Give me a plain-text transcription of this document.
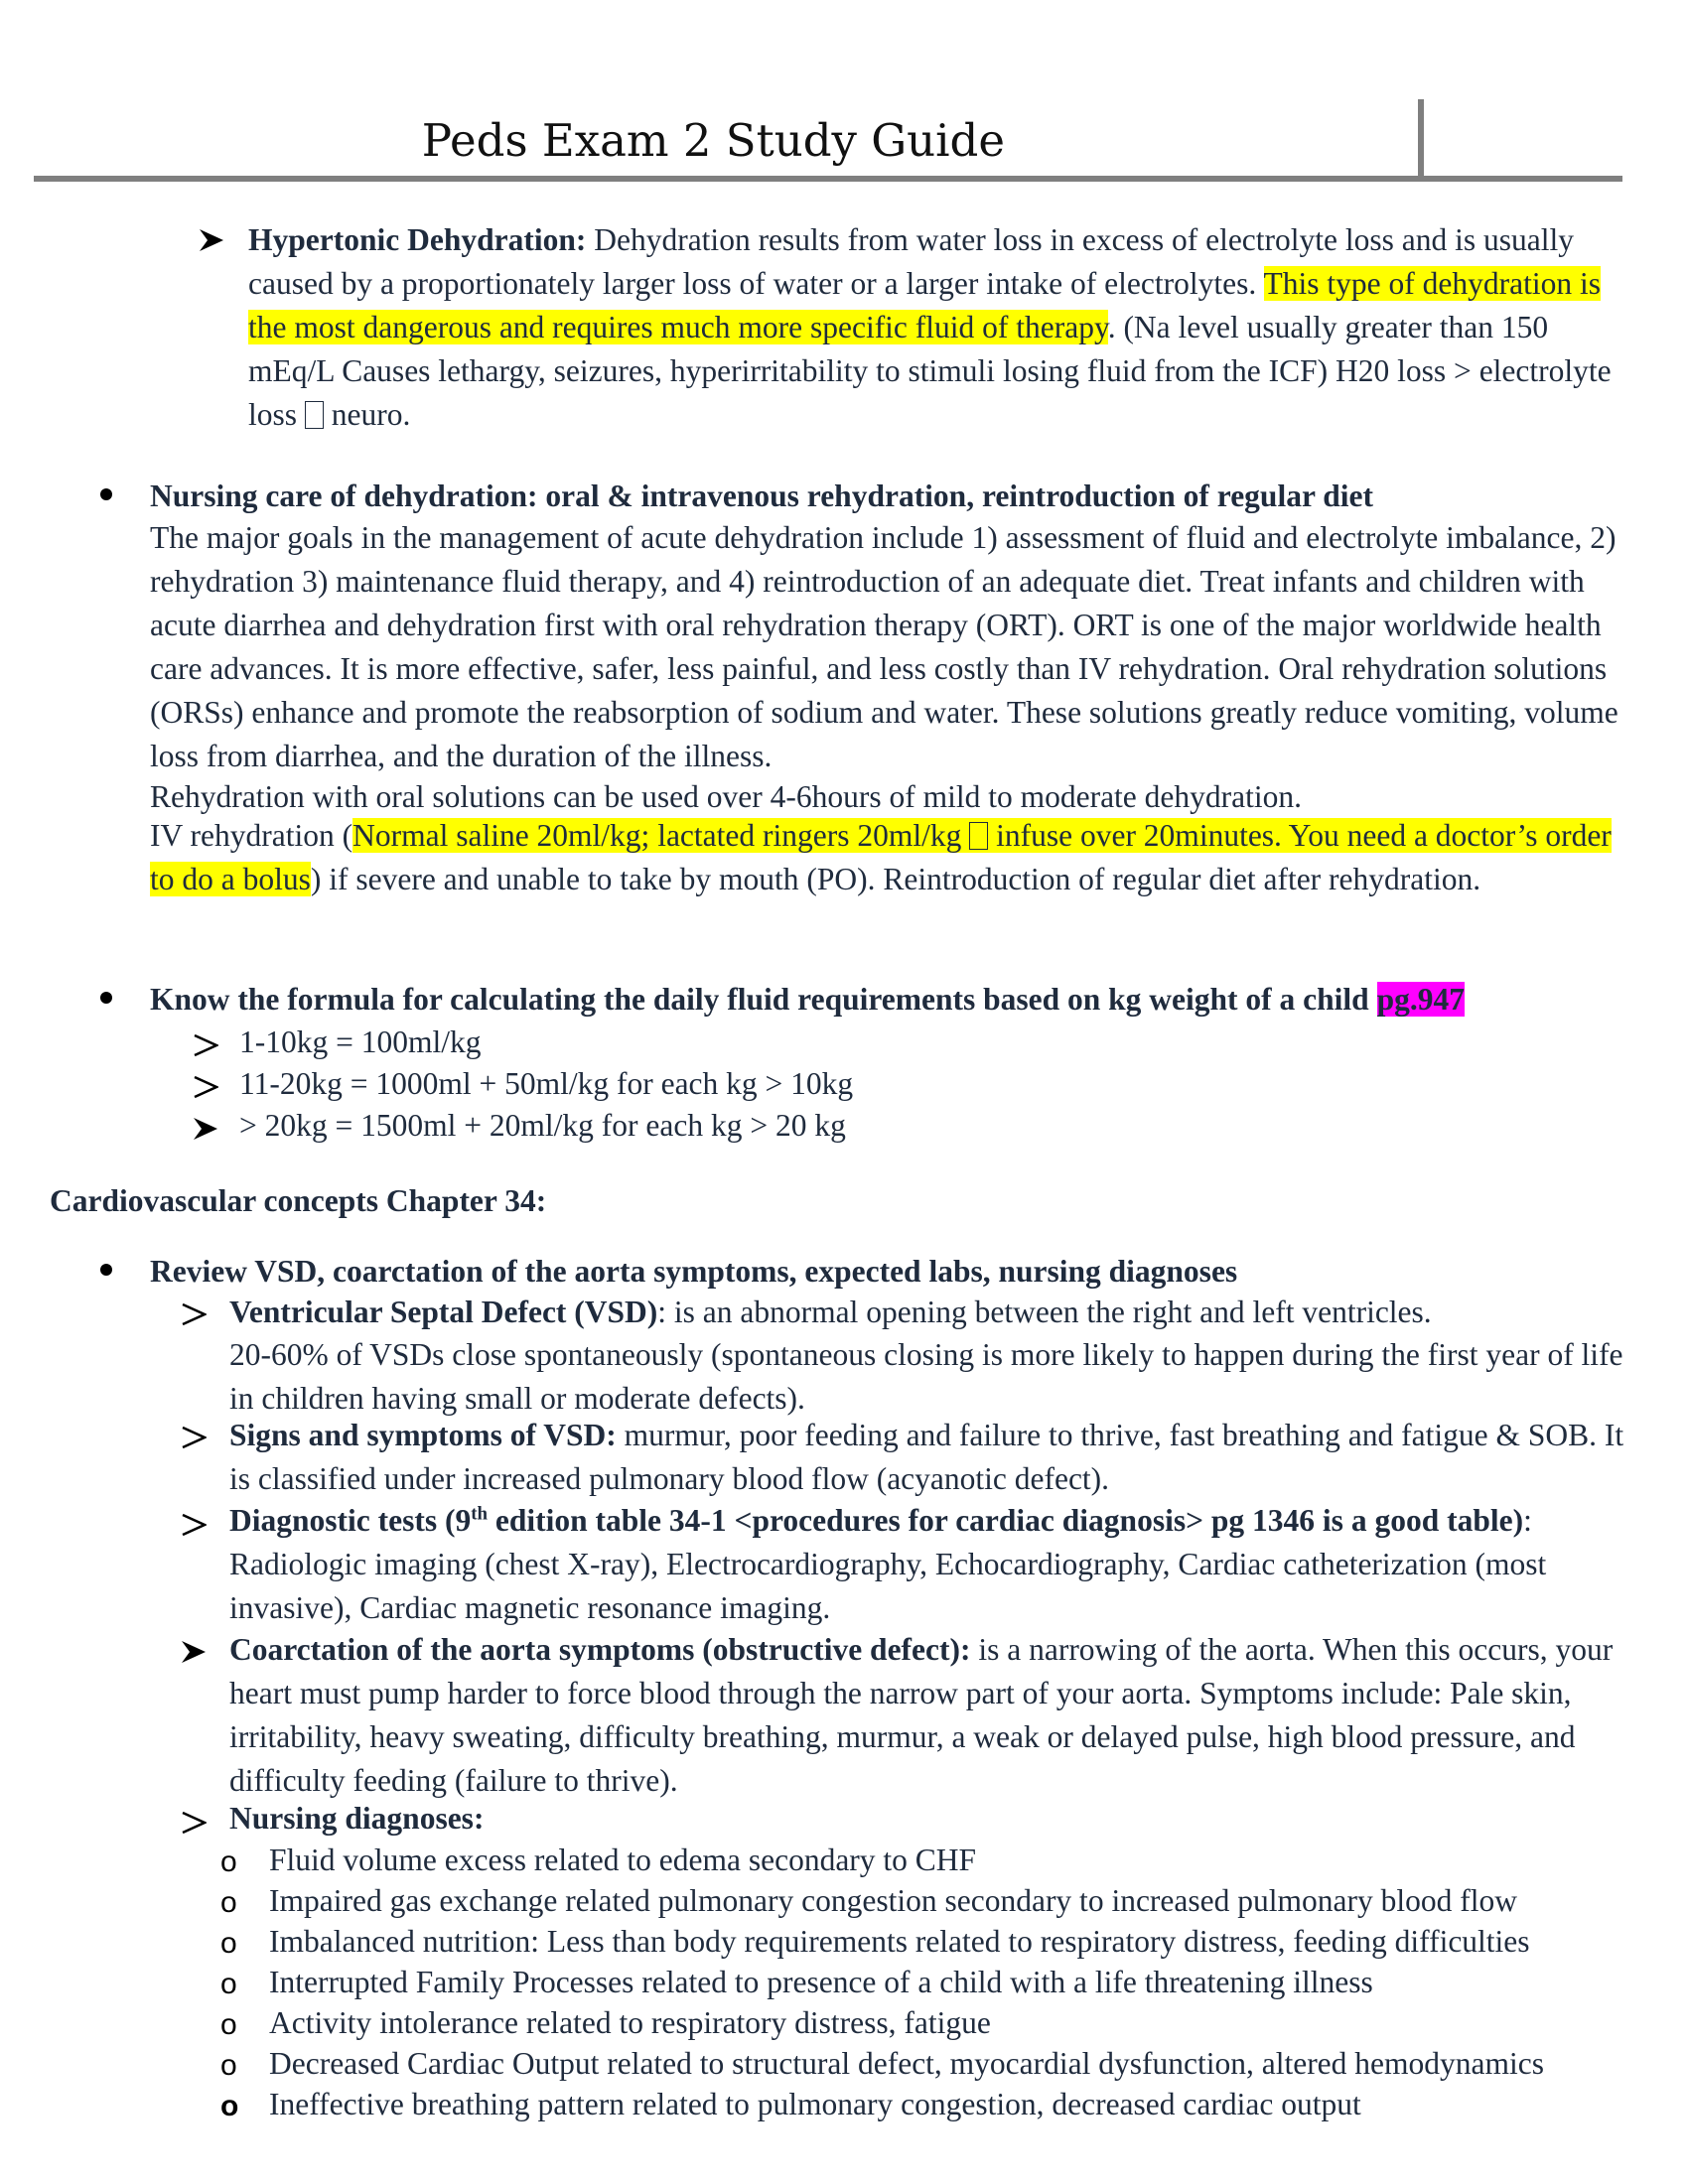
Peds Exam 2 Study Guide
Hypertonic Dehydration: Dehydration results from water loss in excess of electrolyte loss and is usually caused by a proportionately larger loss of water or a larger intake of electrolytes. This type of dehydration is the most dangerous and requires much more specific fluid of therapy. (Na level usually greater than 150 mEq/L Causes lethargy, seizures, hyperirritability to stimuli losing fluid from the ICF) H20 loss > electrolyte loss  neuro.
Nursing care of dehydration: oral & intravenous rehydration, reintroduction of regular diet
The major goals in the management of acute dehydration include 1) assessment of fluid and electrolyte imbalance, 2) rehydration 3) maintenance fluid therapy, and 4) reintroduction of an adequate diet. Treat infants and children with acute diarrhea and dehydration first with oral rehydration therapy (ORT). ORT is one of the major worldwide health care advances. It is more effective, safer, less painful, and less costly than IV rehydration. Oral rehydration solutions (ORSs) enhance and promote the reabsorption of sodium and water. These solutions greatly reduce vomiting, volume loss from diarrhea, and the duration of the illness.
Rehydration with oral solutions can be used over 4-6hours of mild to moderate dehydration.
IV rehydration (Normal saline 20ml/kg; lactated ringers 20ml/kg  infuse over 20minutes. You need a doctor’s order to do a bolus) if severe and unable to take by mouth (PO). Reintroduction of regular diet after rehydration.
Know the formula for calculating the daily fluid requirements based on kg weight of a child pg.947
1-10kg = 100ml/kg
11-20kg = 1000ml + 50ml/kg for each kg > 10kg
> 20kg = 1500ml + 20ml/kg for each kg > 20 kg
Cardiovascular concepts Chapter 34:
Review VSD, coarctation of the aorta symptoms, expected labs, nursing diagnoses
Ventricular Septal Defect (VSD): is an abnormal opening between the right and left ventricles.
20-60% of VSDs close spontaneously (spontaneous closing is more likely to happen during the first year of life in children having small or moderate defects).
Signs and symptoms of VSD: murmur, poor feeding and failure to thrive, fast breathing and fatigue & SOB. It is classified under increased pulmonary blood flow (acyanotic defect).
Diagnostic tests (9th edition table 34-1 <procedures for cardiac diagnosis> pg 1346 is a good table): Radiologic imaging (chest X-ray), Electrocardiography, Echocardiography, Cardiac catheterization (most invasive), Cardiac magnetic resonance imaging.
Coarctation of the aorta symptoms (obstructive defect): is a narrowing of the aorta. When this occurs, your heart must pump harder to force blood through the narrow part of your aorta. Symptoms include: Pale skin, irritability, heavy sweating, difficulty breathing, murmur, a weak or delayed pulse, high blood pressure, and difficulty feeding (failure to thrive).
Nursing diagnoses:
o Fluid volume excess related to edema secondary to CHF
o Impaired gas exchange related pulmonary congestion secondary to increased pulmonary blood flow
o Imbalanced nutrition: Less than body requirements related to respiratory distress, feeding difficulties
o Interrupted Family Processes related to presence of a child with a life threatening illness
o Activity intolerance related to respiratory distress, fatigue
o Decreased Cardiac Output related to structural defect, myocardial dysfunction, altered hemodynamics
o Ineffective breathing pattern related to pulmonary congestion, decreased cardiac output
